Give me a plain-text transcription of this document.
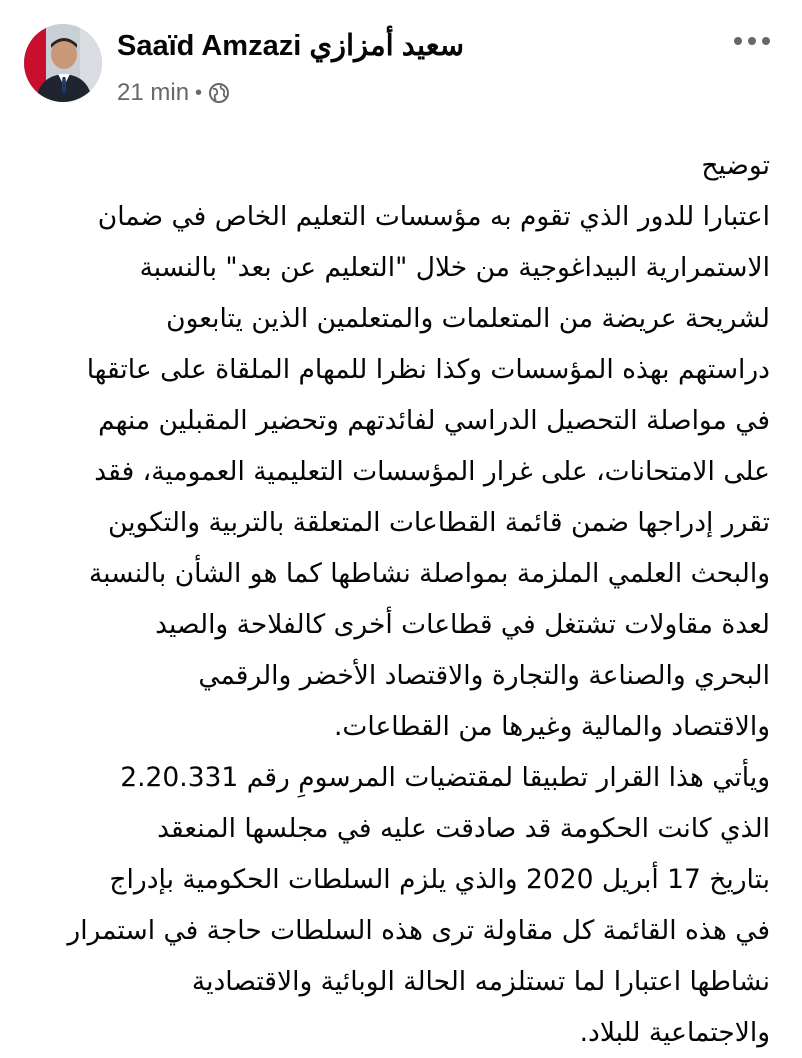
Saaïd Amzazi سعيد أمزازي
21 min •
توضيح
اعتبارا للدور الذي تقوم به مؤسسات التعليم الخاص في ضمان
الاستمرارية البيداغوجية من خلال "التعليم عن بعد" بالنسبة
لشريحة عريضة من المتعلمات والمتعلمين الذين يتابعون
دراستهم بهذه المؤسسات وكذا نظرا للمهام الملقاة على عاتقها
في مواصلة التحصيل الدراسي لفائدتهم وتحضير المقبلين منهم
على الامتحانات، على غرار المؤسسات التعليمية العمومية، فقد
تقرر إدراجها ضمن قائمة القطاعات المتعلقة بالتربية والتكوين
والبحث العلمي الملزمة بمواصلة نشاطها كما هو الشأن بالنسبة
لعدة مقاولات تشتغل في قطاعات أخرى كالفلاحة والصيد
البحري والصناعة والتجارة والاقتصاد الأخضر والرقمي
والاقتصاد والمالية وغيرها من القطاعات.
ويأتي هذا القرار تطبيقا لمقتضيات المرسومِ رقم 2.20.331
الذي كانت الحكومة قد صادقت عليه في مجلسها المنعقد
بتاريخ 17 أبريل 2020 والذي يلزم السلطات الحكومية بإدراج
في هذه القائمة كل مقاولة ترى هذه السلطات حاجة في استمرار
نشاطها اعتبارا لما تستلزمه الحالة الوبائية والاقتصادية
والاجتماعية للبلاد.
